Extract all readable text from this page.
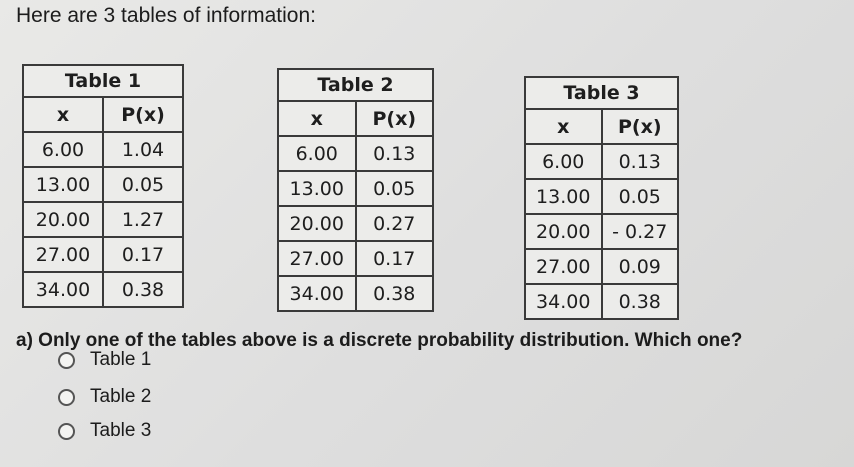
Here are 3 tables of information:
Table 1	
x	P(x)
6.00	1.04
13.00	0.05
20.00	1.27
27.00	0.17
34.00	0.38
Table 2	
x	P(x)
6.00	0.13
13.00	0.05
20.00	0.27
27.00	0.17
34.00	0.38
Table 3	
x	P(x)
6.00	0.13
13.00	0.05
20.00	- 0.27
27.00	0.09
34.00	0.38
a) Only one of the tables above is a discrete probability distribution. Which one?
Table 1
Table 2
Table 3
